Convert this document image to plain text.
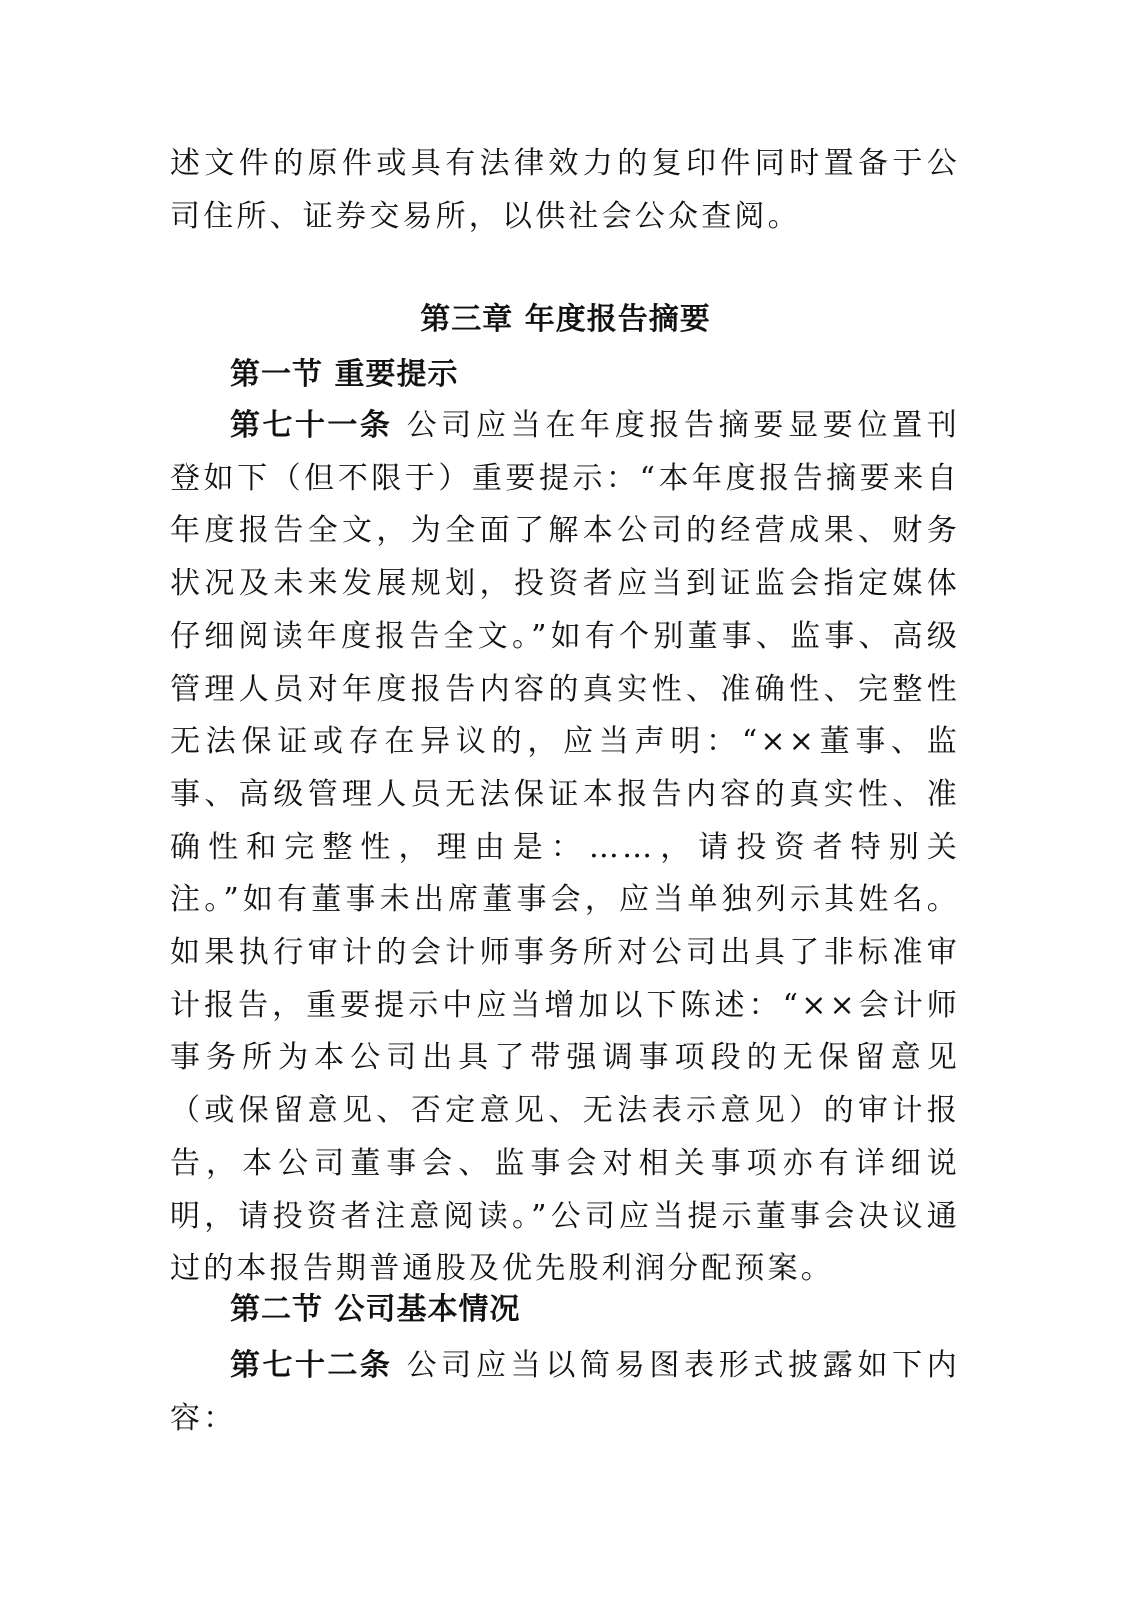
述文件的原件或具有法律效力的复印件同时置备于公司住所、证券交易所，以供社会公众查阅。

第三章 年度报告摘要
第一节 重要提示

第七十一条 公司应当在年度报告摘要显要位置刊登如下（但不限于）重要提示：“本年度报告摘要来自年度报告全文，为全面了解本公司的经营成果、财务状况及未来发展规划，投资者应当到证监会指定媒体仔细阅读年度报告全文。”如有个别董事、监事、高级管理人员对年度报告内容的真实性、准确性、完整性无法保证或存在异议的，应当声明：“××董事、监事、高级管理人员无法保证本报告内容的真实性、准确性和完整性，理由是：……，请投资者特别关注。”如有董事未出席董事会，应当单独列示其姓名。如果执行审计的会计师事务所对公司出具了非标准审计报告，重要提示中应当增加以下陈述：“××会计师事务所为本公司出具了带强调事项段的无保留意见（或保留意见、否定意见、无法表示意见）的审计报告，本公司董事会、监事会对相关事项亦有详细说明，请投资者注意阅读。”公司应当提示董事会决议通过的本报告期普通股及优先股利润分配预案。

第二节 公司基本情况

第七十二条 公司应当以简易图表形式披露如下内容：
